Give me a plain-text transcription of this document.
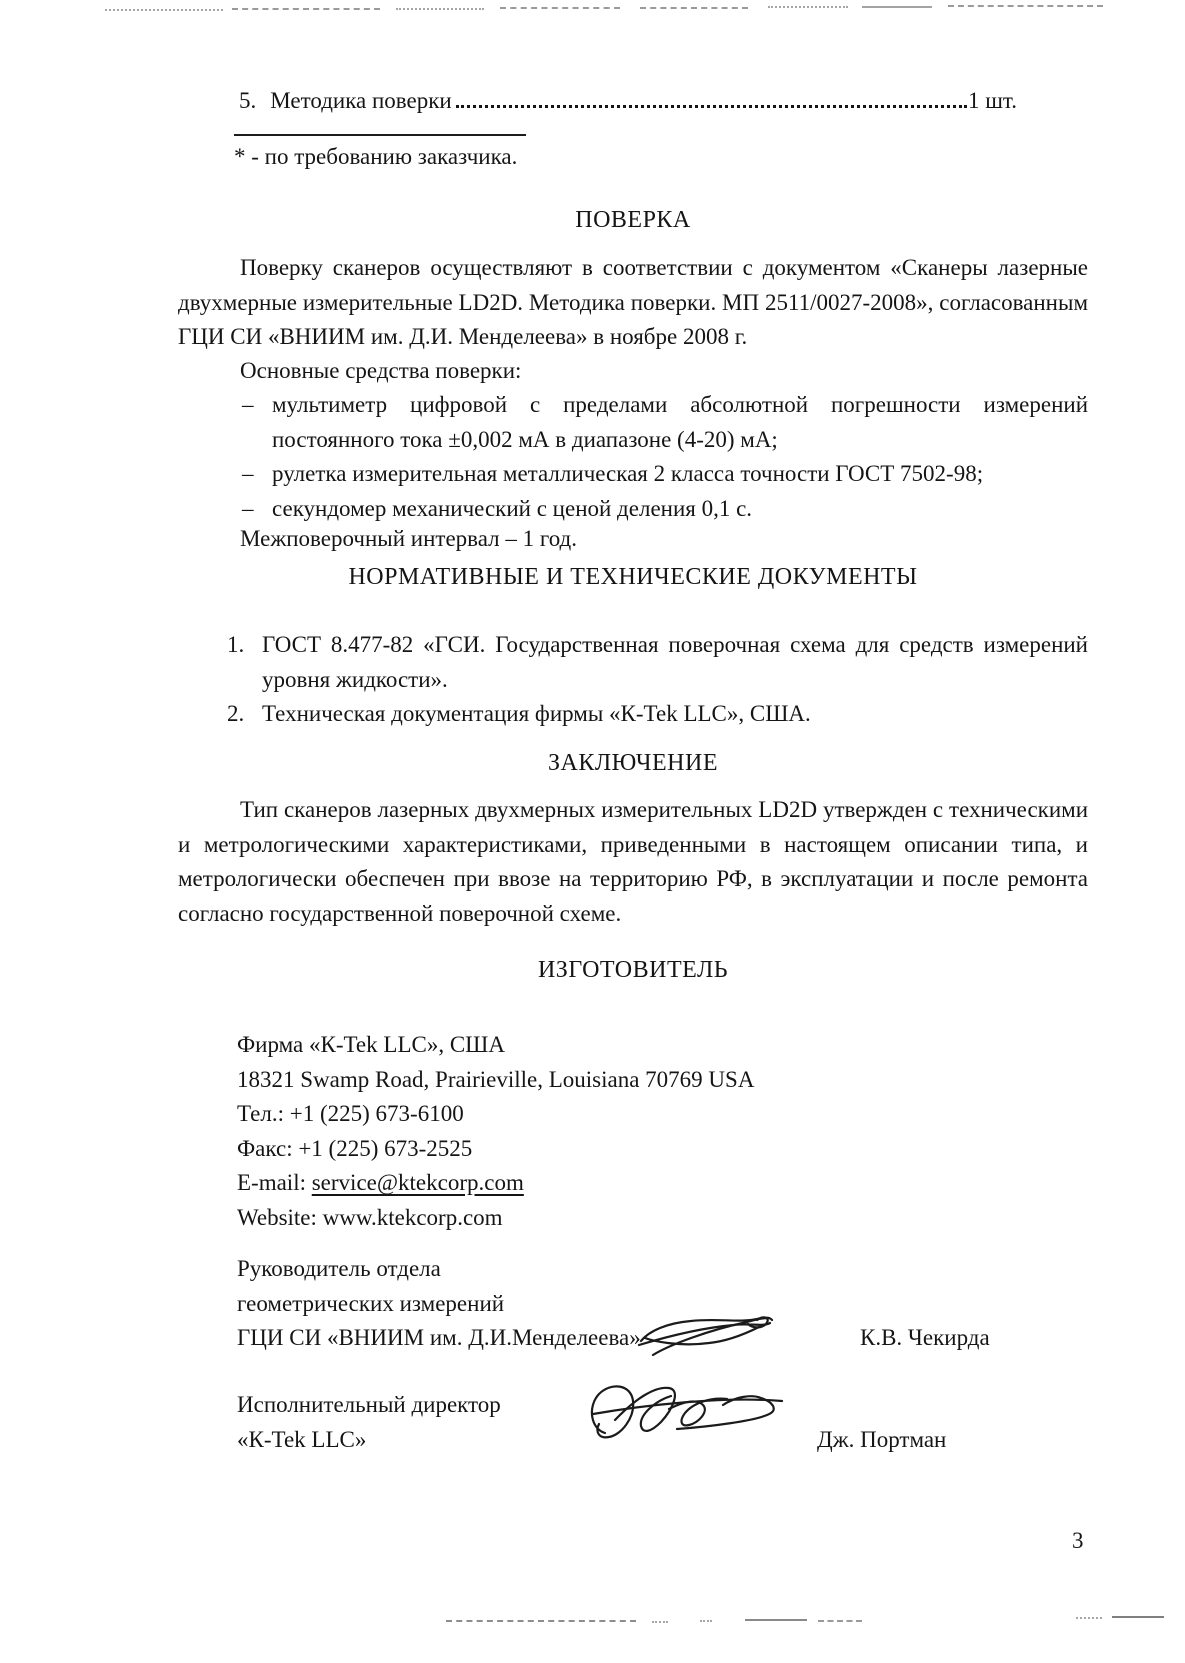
5. Методика поверки	1 шт.
* - по требованию заказчика.
ПОВЕРКА
Поверку сканеров осуществляют в соответствии с документом «Сканеры лазерные двухмерные измерительные LD2D. Методика поверки. МП 2511/0027-2008», согласованным ГЦИ СИ «ВНИИМ им. Д.И. Менделеева» в ноябре 2008 г.
Основные средства поверки:
– мультиметр цифровой с пределами абсолютной погрешности измерений постоянного тока ±0,002 мА в диапазоне (4-20) мА;
– рулетка измерительная металлическая 2 класса точности ГОСТ 7502-98;
– секундомер механический с ценой деления 0,1 с.
Межповерочный интервал – 1 год.
НОРМАТИВНЫЕ И ТЕХНИЧЕСКИЕ ДОКУМЕНТЫ
1. ГОСТ 8.477-82 «ГСИ. Государственная поверочная схема для средств измерений уровня жидкости».
2. Техническая документация фирмы «К-Tek LLC», США.
ЗАКЛЮЧЕНИЕ
Тип сканеров лазерных двухмерных измерительных LD2D утвержден с техническими и метрологическими характеристиками, приведенными в настоящем описании типа, и метрологически обеспечен при ввозе на территорию РФ, в эксплуатации и после ремонта согласно государственной поверочной схеме.
ИЗГОТОВИТЕЛЬ
Фирма «К-Tek LLC», США
18321 Swamp Road, Prairieville, Louisiana 70769 USA
Тел.: +1 (225) 673-6100
Факс: +1 (225) 673-2525
E-mail: service@ktekcorp.com
Website: www.ktekcorp.com
Руководитель отдела
геометрических измерений
ГЦИ СИ «ВНИИМ им. Д.И.Менделеева»	К.В. Чекирда
Исполнительный директор
«К-Tek LLC»	Дж. Портман
3
